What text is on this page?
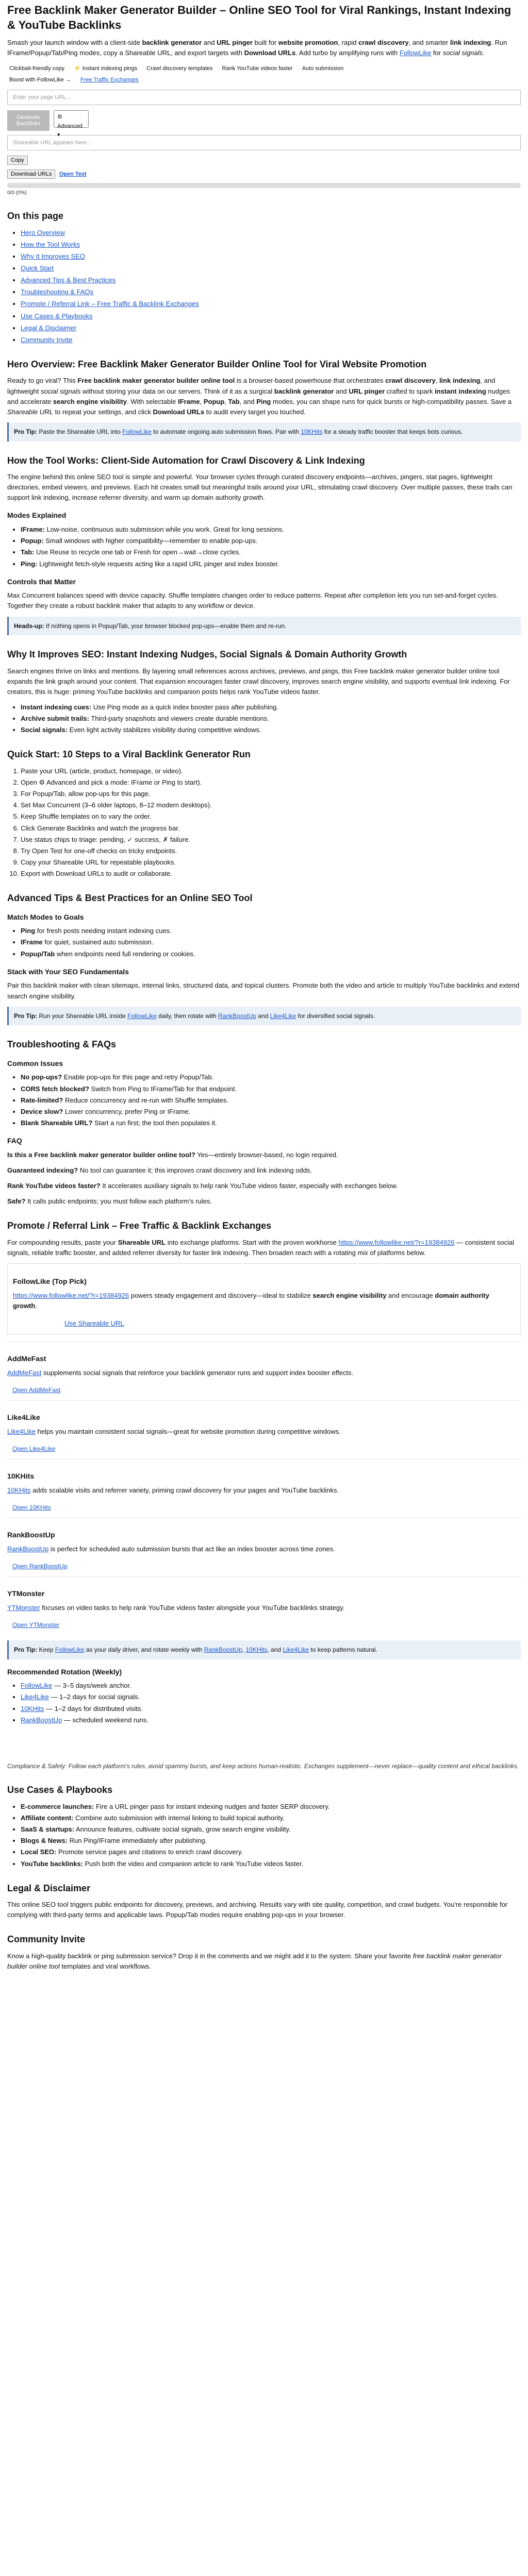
Free Backlink Maker Generator Builder – Online SEO Tool for Viral Rankings, Instant Indexing & YouTube Backlinks

Smash your launch window with a client-side backlink generator and URL pinger built for website promotion, rapid crawl discovery, and smarter link indexing. Run IFrame/Popup/Tab/Ping modes, copy a Shareable URL, and export targets with Download URLs. Add turbo by amplifying runs with FollowLike for social signals.

Clickbait-friendly copy	⚡ Instant indexing pings	Crawl discovery templates	Rank YouTube videos faster	Auto submission
Boost with FollowLike →	Free Traffic Exchanges
Enter your page URL...
Generate Backlinks
⚙ Advanced
▾
Shareable URL appears here...
Copy
Download URLs Open Test
0/0 (0%)
On this page
• Hero Overview
• How the Tool Works
• Why It Improves SEO
• Quick Start
• Advanced Tips & Best Practices
• Troubleshooting & FAQs
• Promote / Referral Link – Free Traffic & Backlink Exchanges
• Use Cases & Playbooks
• Legal & Disclaimer
• Community Invite
Hero Overview: Free Backlink Maker Generator Builder Online Tool for Viral Website Promotion

Ready to go viral? This Free backlink maker generator builder online tool is a browser-based powerhouse that orchestrates crawl discovery, link indexing, and lightweight social signals without storing your data on our servers. Think of it as a surgical backlink generator and URL pinger crafted to spark instant indexing nudges and accelerate search engine visibility. With selectable IFrame, Popup, Tab, and Ping modes, you can shape runs for quick bursts or high-compatibility passes. Save a Shareable URL to repeat your settings, and click Download URLs to audit every target you touched.

Pro Tip: Paste the Shareable URL into FollowLike to automate ongoing auto submission flows. Pair with 10KHits for a steady traffic booster that keeps bots curious.
How the Tool Works: Client-Side Automation for Crawl Discovery & Link Indexing

The engine behind this online SEO tool is simple and powerful. Your browser cycles through curated discovery endpoints—archives, pingers, stat pages, lightweight directories, embed viewers, and previews. Each hit creates small but meaningful trails around your URL, stimulating crawl discovery. Over multiple passes, these trails can support link indexing, increase referrer diversity, and warm up domain authority growth.

Modes Explained
• IFrame: Low-noise, continuous auto submission while you work. Great for long sessions.
• Popup: Small windows with higher compatibility—remember to enable pop-ups.
• Tab: Use Reuse to recycle one tab or Fresh for open→wait→close cycles.
• Ping: Lightweight fetch-style requests acting like a rapid URL pinger and index booster.
Controls that Matter

Max Concurrent balances speed with device capacity. Shuffle templates changes order to reduce patterns. Repeat after completion lets you run set-and-forget cycles. Together they create a robust backlink maker that adapts to any workflow or device.

Heads-up: If nothing opens in Popup/Tab, your browser blocked pop-ups—enable them and re-run.
Why It Improves SEO: Instant Indexing Nudges, Social Signals & Domain Authority Growth

Search engines thrive on links and mentions. By layering small references across archives, previews, and pings, this Free backlink maker generator builder online tool expands the link graph around your content. That expansion encourages faster crawl discovery, improves search engine visibility, and supports eventual link indexing. For creators, this is huge: priming YouTube backlinks and companion posts helps rank YouTube videos faster.

• Instant indexing cues: Use Ping mode as a quick index booster pass after publishing.
• Archive submit trails: Third-party snapshots and viewers create durable mentions.
• Social signals: Even light activity stabilizes visibility during competitive windows.
Quick Start: 10 Steps to a Viral Backlink Generator Run
1. Paste your URL (article, product, homepage, or video).
2. Open ⚙ Advanced and pick a mode: IFrame or Ping to start).
3. For Popup/Tab, allow pop-ups for this page.
4. Set Max Concurrent (3–6 older laptops, 8–12 modern desktops).
5. Keep Shuffle templates on to vary the order.
6. Click Generate Backlinks and watch the progress bar.
7. Use status chips to triage: pending, ✓ success, ✗ failure.
8. Try Open Test for one-off checks on tricky endpoints.
9. Copy your Shareable URL for repeatable playbooks.
10. Export with Download URLs to audit or collaborate.
Advanced Tips & Best Practices for an Online SEO Tool
Match Modes to Goals
• Ping for fresh posts needing instant indexing cues.
• IFrame for quiet, sustained auto submission.
• Popup/Tab when endpoints need full rendering or cookies.
Stack with Your SEO Fundamentals

Pair this backlink maker with clean sitemaps, internal links, structured data, and topical clusters. Promote both the video and article to multiply YouTube backlinks and extend search engine visibility.

Pro Tip: Run your Shareable URL inside FollowLike daily, then rotate with RankBoostUp and Like4Like for diversified social signals.
Troubleshooting & FAQs
Common Issues
• No pop-ups? Enable pop-ups for this page and retry Popup/Tab.
• CORS fetch blocked? Switch from Ping to IFrame/Tab for that endpoint.
• Rate-limited? Reduce concurrency and re-run with Shuffle templates.
• Device slow? Lower concurrency, prefer Ping or IFrame.
• Blank Shareable URL? Start a run first; the tool then populates it.
FAQ

Is this a Free backlink maker generator builder online tool? Yes—entirely browser-based, no login required.

Guaranteed indexing? No tool can guarantee it; this improves crawl discovery and link indexing odds.

Rank YouTube videos faster? It accelerates auxiliary signals to help rank YouTube videos faster, especially with exchanges below.

Safe? It calls public endpoints; you must follow each platform's rules.

Promote / Referral Link – Free Traffic & Backlink Exchanges

For compounding results, paste your Shareable URL into exchange platforms. Start with the proven workhorse https://www.followlike.net/?r=19384926 — consistent social signals, reliable traffic booster, and added referrer diversity for faster link indexing. Then broaden reach with a rotating mix of platforms below.

FollowLike (Top Pick)

https://www.followlike.net/?r=19384926 powers steady engagement and discovery—ideal to stabilize search engine visibility and encourage domain authority growth.

Use Shareable URL
AddMeFast

AddMeFast supplements social signals that reinforce your backlink generator runs and support index booster effects.

Open AddMeFast
Like4Like

Like4Like helps you maintain consistent social signals—great for website promotion during competitive windows.

Open Like4Like
10KHits

10KHits adds scalable visits and referrer variety, priming crawl discovery for your pages and YouTube backlinks.

Open 10KHits
RankBoostUp

RankBoostUp is perfect for scheduled auto submission bursts that act like an index booster across time zones.

Open RankBoostUp
YTMonster

YTMonster focuses on video tasks to help rank YouTube videos faster alongside your YouTube backlinks strategy.

Open YTMonster
Pro Tip: Keep FollowLike as your daily driver, and rotate weekly with RankBoostUp, 10KHits, and Like4Like to keep patterns natural.
Recommended Rotation (Weekly)
• FollowLike — 3–5 days/week anchor.
• Like4Like — 1–2 days for social signals.
• 10KHits — 1–2 days for distributed visits.
• RankBoostUp — scheduled weekend runs.

Compliance & Safety: Follow each platform's rules, avoid spammy bursts, and keep actions human-realistic. Exchanges supplement—never replace—quality content and ethical backlinks.

Use Cases & Playbooks
• E-commerce launches: Fire a URL pinger pass for instant indexing nudges and faster SERP discovery.
• Affiliate content: Combine auto submission with internal linking to build topical authority.
• SaaS & startups: Announce features, cultivate social signals, grow search engine visibility.
• Blogs & News: Run Ping/IFrame immediately after publishing.
• Local SEO: Promote service pages and citations to enrich crawl discovery.
• YouTube backlinks: Push both the video and companion article to rank YouTube videos faster.
Legal & Disclaimer

This online SEO tool triggers public endpoints for discovery, previews, and archiving. Results vary with site quality, competition, and crawl budgets. You're responsible for complying with third-party terms and applicable laws. Popup/Tab modes require enabling pop-ups in your browser.

Community Invite

Know a high-quality backlink or ping submission service? Drop it in the comments and we might add it to the system. Share your favorite free backlink maker generator builder online tool templates and viral workflows.
